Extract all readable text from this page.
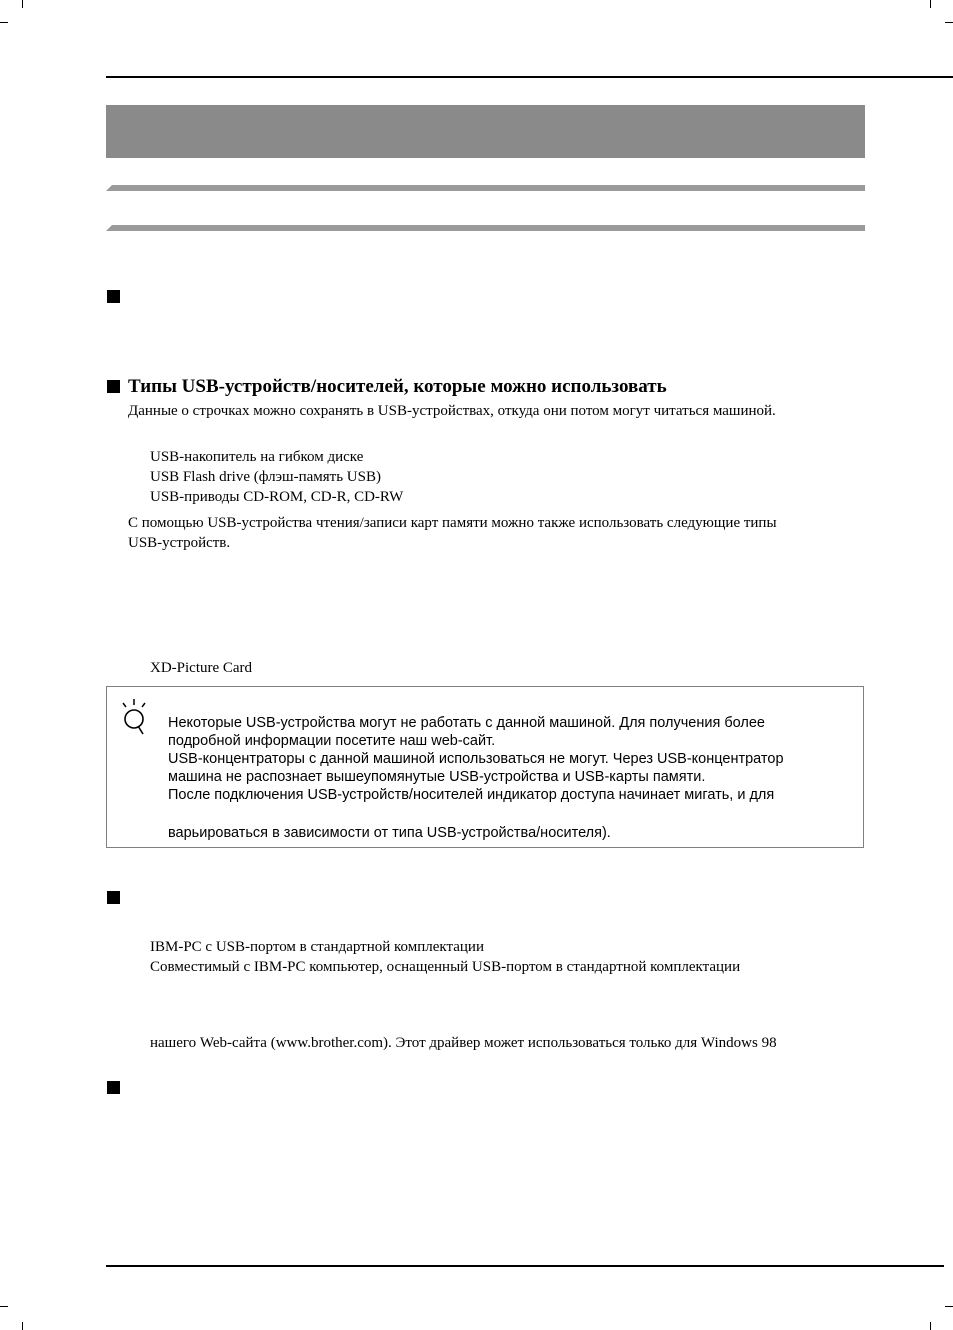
Типы USB-устройств/носителей, которые можно использовать
Данные о строчках можно сохранять в USB-устройствах, откуда они потом могут читаться машиной.
USB-накопитель на гибком диске
USB Flash drive (флэш-память USB)
USB-приводы CD-ROM, CD-R, CD-RW
С помощью USB-устройства чтения/записи карт памяти можно также использовать следующие типы
USB-устройств.
XD-Picture Card
Некоторые USB-устройства могут не работать с данной машиной. Для получения более
подробной информации посетите наш web-сайт.
USB-концентраторы с данной машиной использоваться не могут. Через USB-концентратор
машина не распознает вышеупомянутые USB-устройства и USB-карты памяти.
После подключения USB-устройств/носителей индикатор доступа начинает мигать, и для
варьироваться в зависимости от типа USB-устройства/носителя).
IBM-PC с USB-портом в стандартной комплектации
Совместимый с IBM-PC компьютер, оснащенный USB-портом в стандартной комплектации
нашего Web-сайта (www.brother.com). Этот драйвер может использоваться только для Windows 98
